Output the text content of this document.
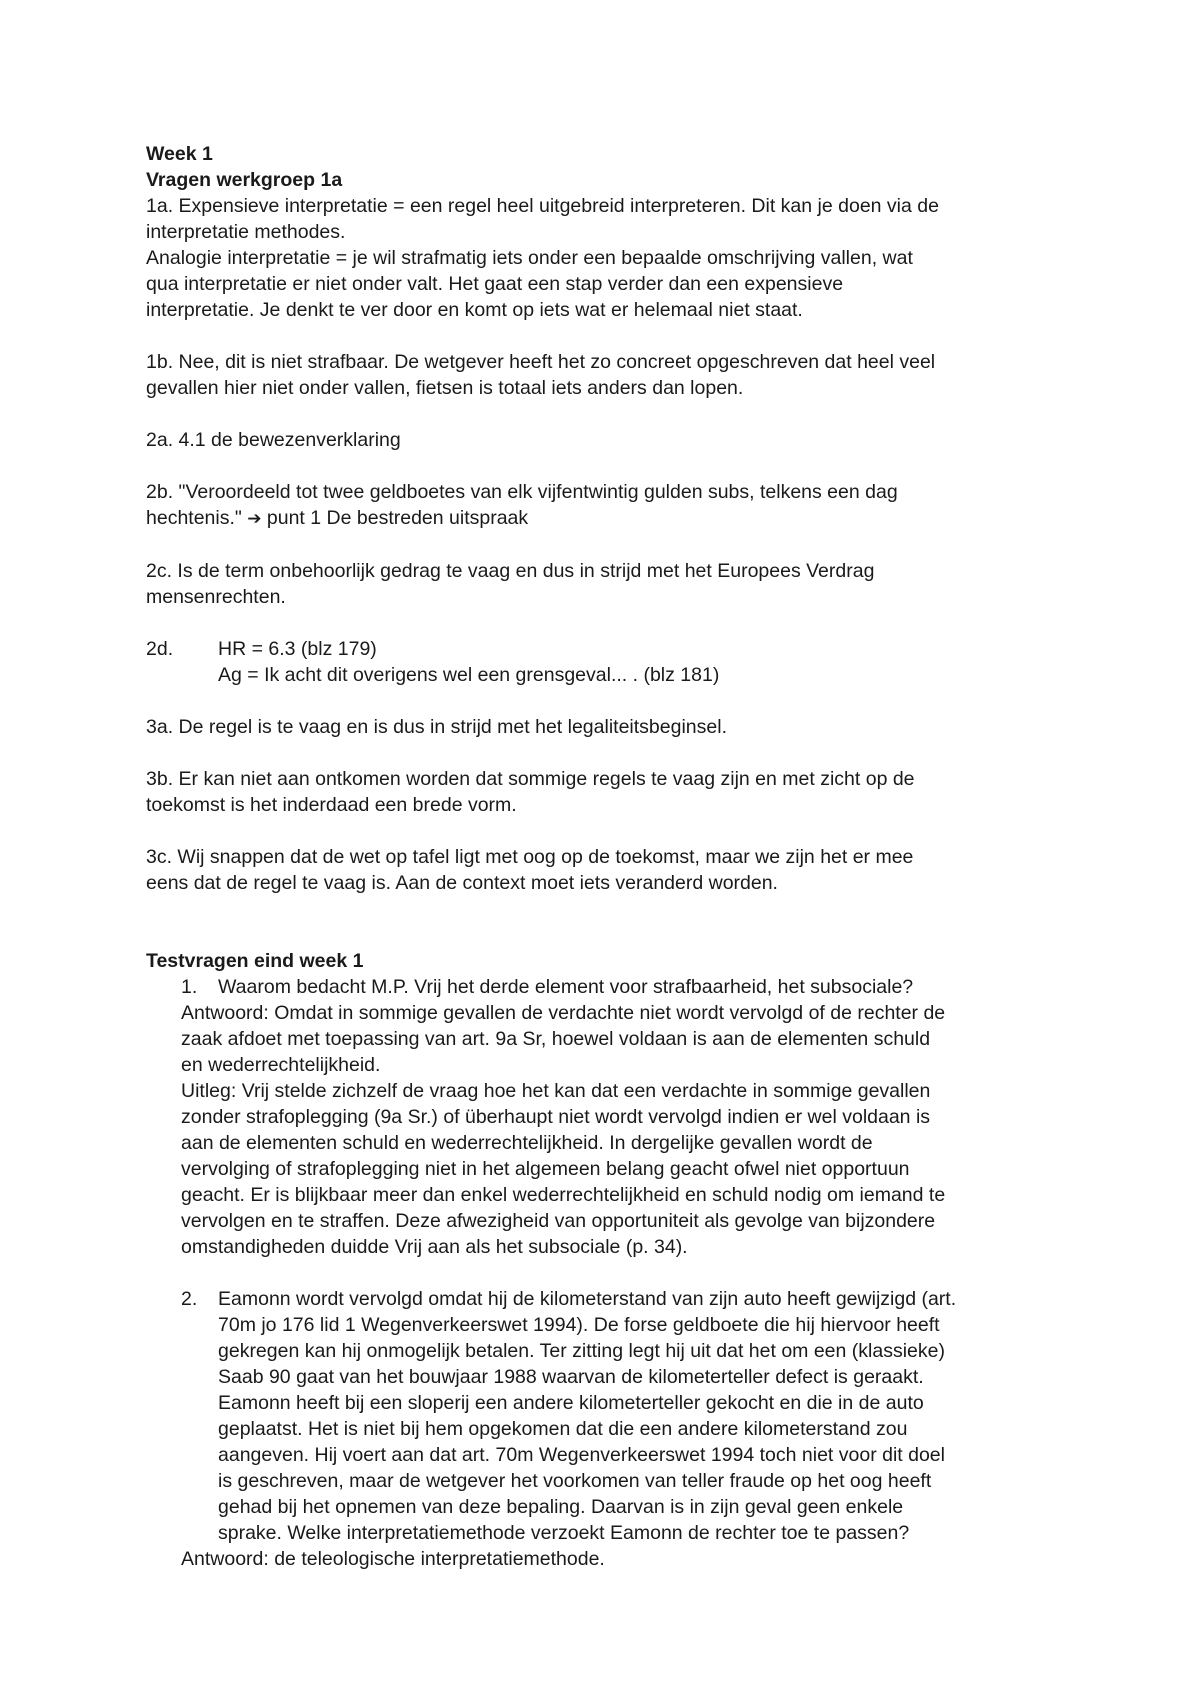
Week 1
Vragen werkgroep 1a
1a. Expensieve interpretatie = een regel heel uitgebreid interpreteren. Dit kan je doen via de
interpretatie methodes.
Analogie interpretatie = je wil strafmatig iets onder een bepaalde omschrijving vallen, wat
qua interpretatie er niet onder valt. Het gaat een stap verder dan een expensieve
interpretatie. Je denkt te ver door en komt op iets wat er helemaal niet staat.
1b. Nee, dit is niet strafbaar. De wetgever heeft het zo concreet opgeschreven dat heel veel
gevallen hier niet onder vallen, fietsen is totaal iets anders dan lopen.
2a. 4.1 de bewezenverklaring
2b. "Veroordeeld tot twee geldboetes van elk vijfentwintig gulden subs, telkens een dag
hechtenis." ➔ punt 1 De bestreden uitspraak
2c. Is de term onbehoorlijk gedrag te vaag en dus in strijd met het Europees Verdrag
mensenrechten.
2d. HR = 6.3 (blz 179)
Ag = Ik acht dit overigens wel een grensgeval... . (blz 181)
3a. De regel is te vaag en is dus in strijd met het legaliteitsbeginsel.
3b. Er kan niet aan ontkomen worden dat sommige regels te vaag zijn en met zicht op de
toekomst is het inderdaad een brede vorm.
3c. Wij snappen dat de wet op tafel ligt met oog op de toekomst, maar we zijn het er mee
eens dat de regel te vaag is. Aan de context moet iets veranderd worden.
Testvragen eind week 1
1. Waarom bedacht M.P. Vrij het derde element voor strafbaarheid, het subsociale?
Antwoord: Omdat in sommige gevallen de verdachte niet wordt vervolgd of de rechter de
zaak afdoet met toepassing van art. 9a Sr, hoewel voldaan is aan de elementen schuld
en wederrechtelijkheid.
Uitleg: Vrij stelde zichzelf de vraag hoe het kan dat een verdachte in sommige gevallen
zonder strafoplegging (9a Sr.) of überhaupt niet wordt vervolgd indien er wel voldaan is
aan de elementen schuld en wederrechtelijkheid. In dergelijke gevallen wordt de
vervolging of strafoplegging niet in het algemeen belang geacht ofwel niet opportuun
geacht. Er is blijkbaar meer dan enkel wederrechtelijkheid en schuld nodig om iemand te
vervolgen en te straffen. Deze afwezigheid van opportuniteit als gevolge van bijzondere
omstandigheden duidde Vrij aan als het subsociale (p. 34).
2. Eamonn wordt vervolgd omdat hij de kilometerstand van zijn auto heeft gewijzigd (art.
70m jo 176 lid 1 Wegenverkeerswet 1994). De forse geldboete die hij hiervoor heeft
gekregen kan hij onmogelijk betalen. Ter zitting legt hij uit dat het om een (klassieke)
Saab 90 gaat van het bouwjaar 1988 waarvan de kilometerteller defect is geraakt.
Eamonn heeft bij een sloperij een andere kilometerteller gekocht en die in de auto
geplaatst. Het is niet bij hem opgekomen dat die een andere kilometerstand zou
aangeven. Hij voert aan dat art. 70m Wegenverkeerswet 1994 toch niet voor dit doel
is geschreven, maar de wetgever het voorkomen van teller fraude op het oog heeft
gehad bij het opnemen van deze bepaling. Daarvan is in zijn geval geen enkele
sprake. Welke interpretatiemethode verzoekt Eamonn de rechter toe te passen?
Antwoord: de teleologische interpretatiemethode.
